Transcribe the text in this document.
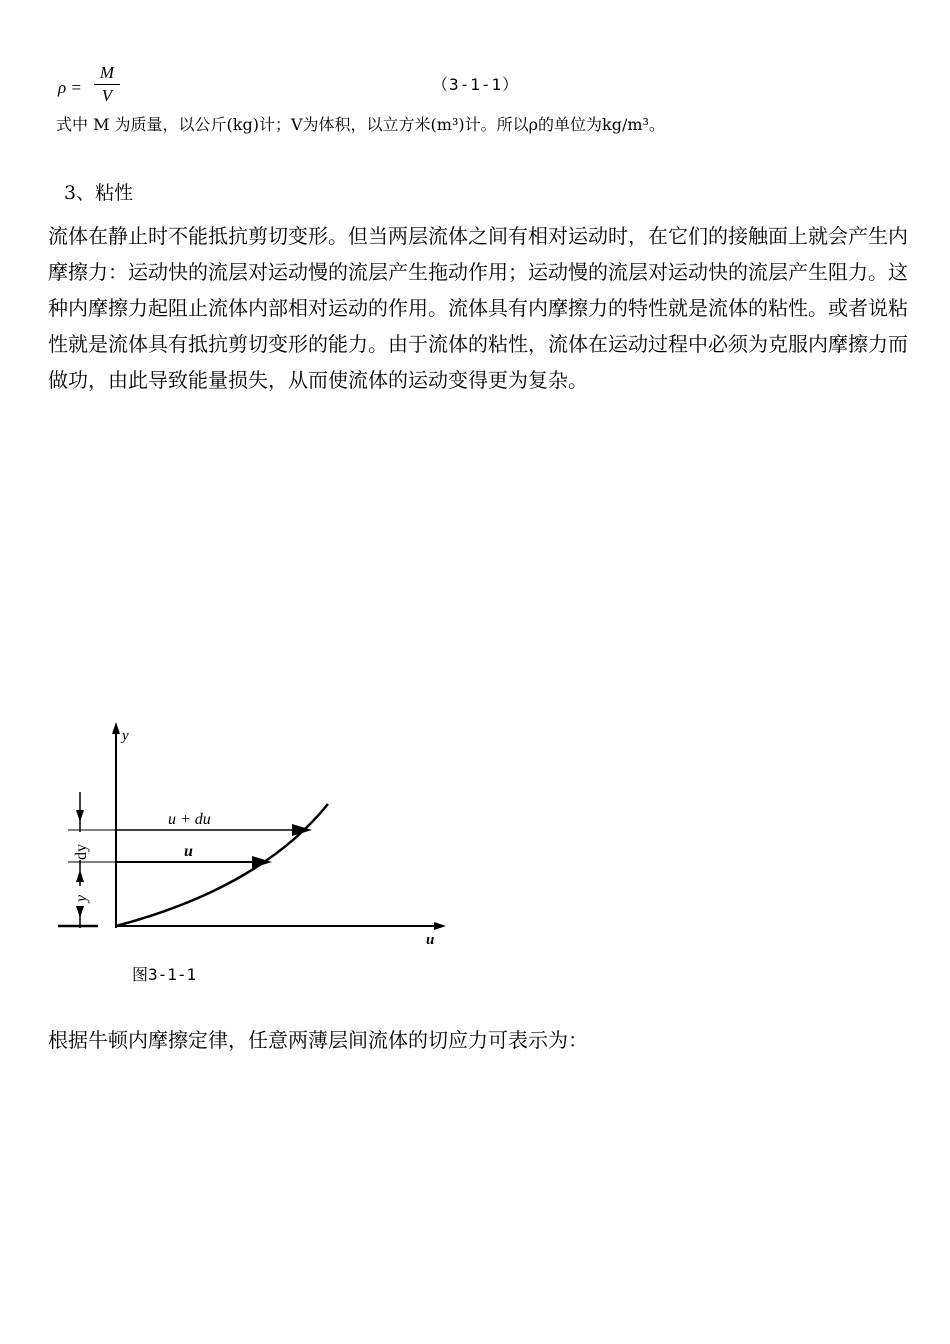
ρ =
M
V
（3-1-1）
式中 M 为质量，以公斤(kg)计；V为体积，以立方米(m³)计。所以ρ的单位为kg/m³。
3、粘性
流体在静止时不能抵抗剪切变形。但当两层流体之间有相对运动时，在它们的接触面上就会产生内摩擦力：运动快的流层对运动慢的流层产生拖动作用；运动慢的流层对运动快的流层产生阻力。这种内摩擦力起阻止流体内部相对运动的作用。流体具有内摩擦力的特性就是流体的粘性。或者说粘性就是流体具有抵抗剪切变形的能力。由于流体的粘性，流体在运动过程中必须为克服内摩擦力而做功，由此导致能量损失，从而使流体的运动变得更为复杂。
y
u
u + du
u
dy
y
图3-1-1
根据牛顿内摩擦定律，任意两薄层间流体的切应力可表示为：
